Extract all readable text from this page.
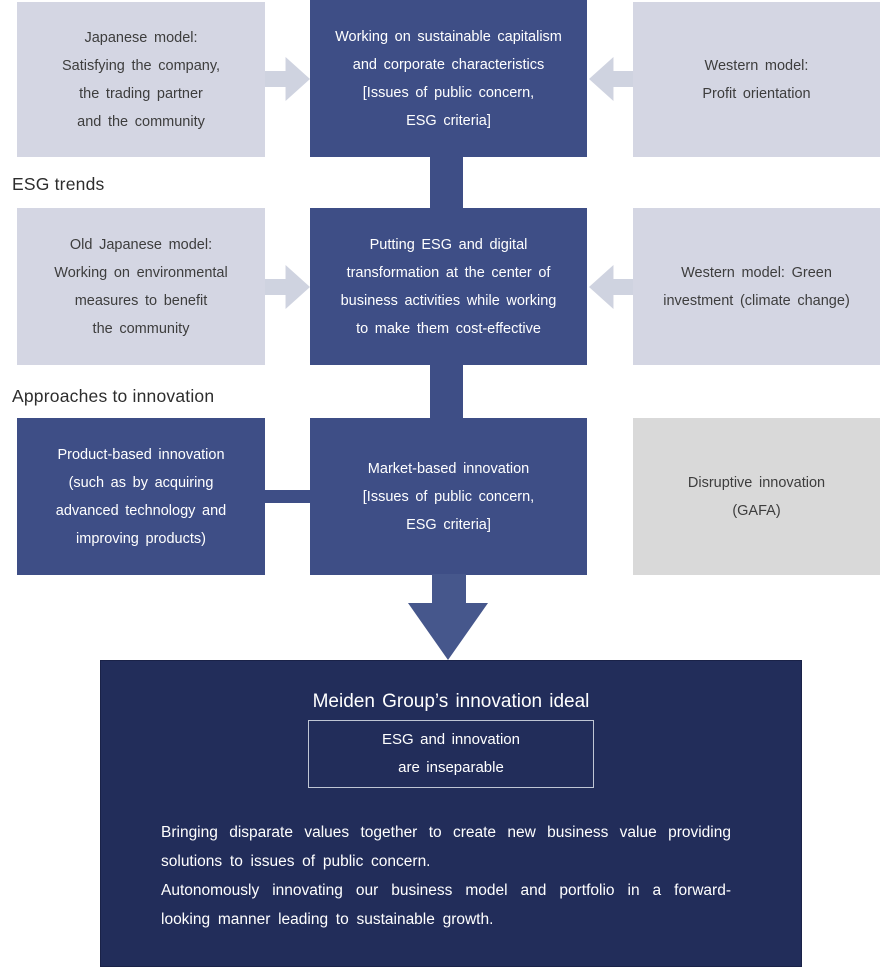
Japanese model:
Satisfying the company,
the trading partner
and the community
Working on sustainable capitalism
and corporate characteristics
[Issues of public concern,
ESG criteria]
Western model:
Profit orientation
ESG trends
Old Japanese model:
Working on environmental
measures to benefit
the community
Putting ESG and digital
transformation at the center of
business activities while working
to make them cost-effective
Western model: Green
investment (climate change)
Approaches to innovation
Product-based innovation
(such as by acquiring
advanced technology and
improving products)
Market-based innovation
[Issues of public concern,
ESG criteria]
Disruptive innovation
(GAFA)
Meiden Group’s innovation ideal
ESG and innovation
are inseparable
Bringing disparate values together to create new business value providing
solutions to issues of public concern.
Autonomously innovating our business model and portfolio in a forward-
looking manner leading to sustainable growth.
